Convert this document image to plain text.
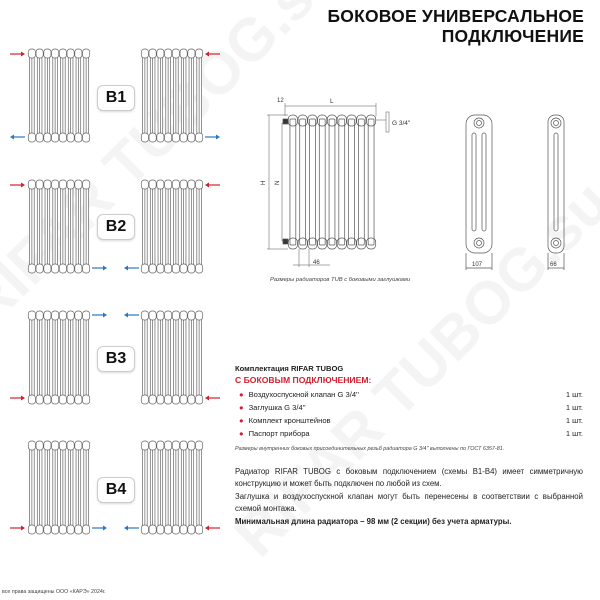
БОКОВОЕ УНИВЕРСАЛЬНОЕ
ПОДКЛЮЧЕНИЕ
B1
B2
B3
B4
12	L
H N
46
G 3/4''
107	66
Размеры радиаторов TUB с боковыми заглушками
Комплектация RIFAR TUBOG
С БОКОВЫМ ПОДКЛЮЧЕНИЕМ:
● Воздухоспускной клапан G 3/4''	1 шт.
● Заглушка G 3/4''	1 шт.
● Комплект кронштейнов	1 шт.
● Паспорт прибора	1 шт.
Размеры внутренних боковых присоединительных резьб радиатора G 3/4'' выполнены по ГОСТ 6357-81.

Радиатор RIFAR TUBOG с боковым подключением (схемы B1-B4) имеет симметричную конструкцию и может быть подключен по любой из схем.

Заглушка и воздухоспускной клапан могут быть перенесены в соответствии с выбранной схемой монтажа.

Минимальная длина радиатора – 98 мм (2 секции) без учета арматуры.

все права защищены ООО «КАРЭ» 2024г.
